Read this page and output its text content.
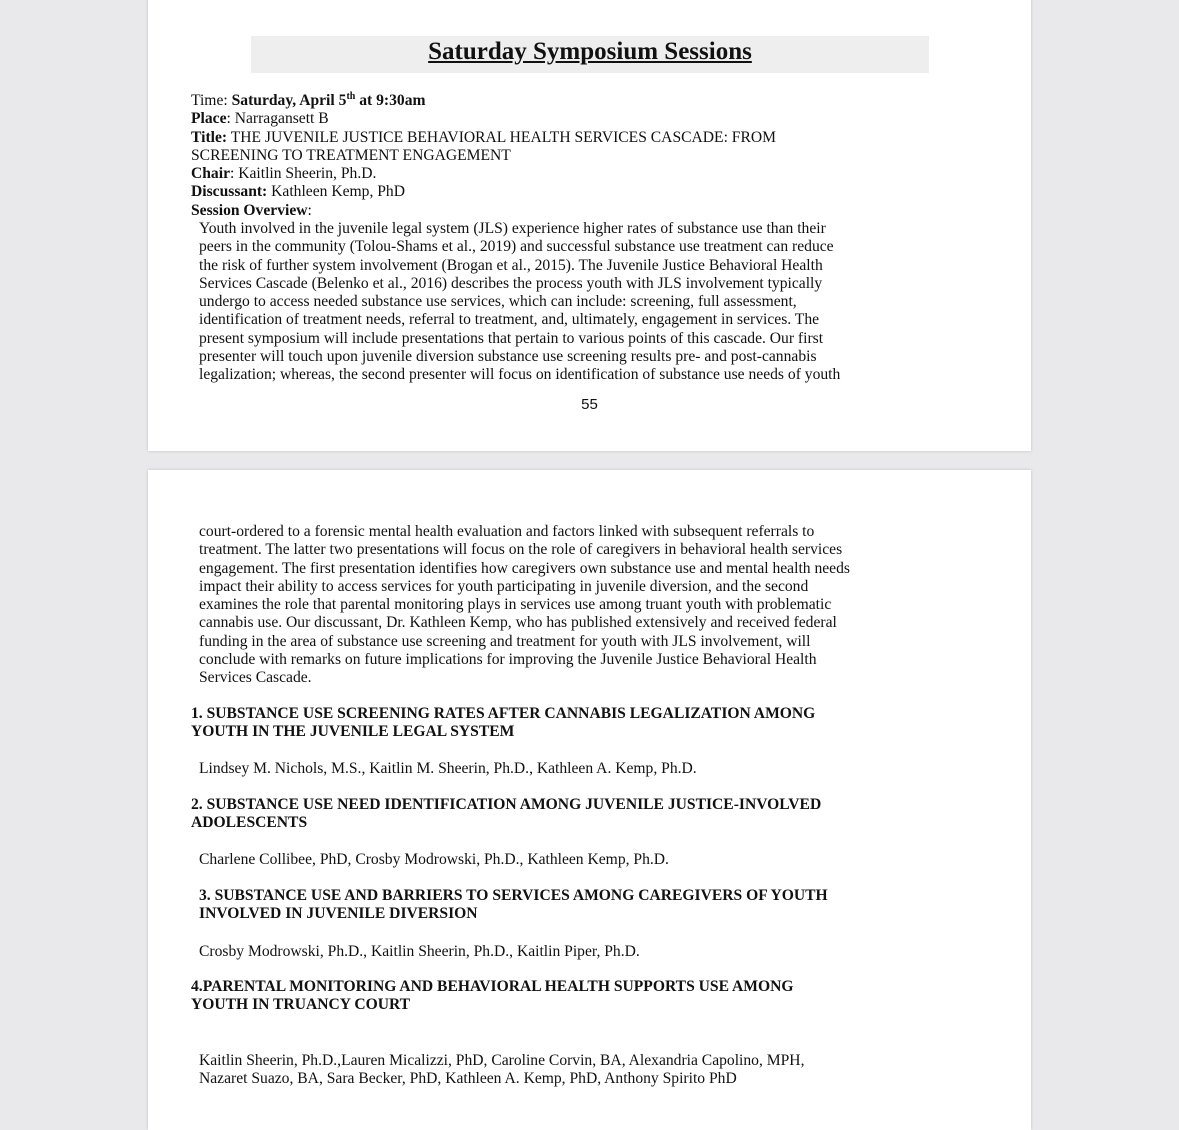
Saturday Symposium Sessions
Time: Saturday, April 5th at 9:30am
Place: Narragansett B
Title: THE JUVENILE JUSTICE BEHAVIORAL HEALTH SERVICES CASCADE: FROM
SCREENING TO TREATMENT ENGAGEMENT
Chair: Kaitlin Sheerin, Ph.D.
Discussant: Kathleen Kemp, PhD
Session Overview:
Youth involved in the juvenile legal system (JLS) experience higher rates of substance use than their
peers in the community (Tolou-Shams et al., 2019) and successful substance use treatment can reduce
the risk of further system involvement (Brogan et al., 2015). The Juvenile Justice Behavioral Health
Services Cascade (Belenko et al., 2016) describes the process youth with JLS involvement typically
undergo to access needed substance use services, which can include: screening, full assessment,
identification of treatment needs, referral to treatment, and, ultimately, engagement in services. The
present symposium will include presentations that pertain to various points of this cascade. Our first
presenter will touch upon juvenile diversion substance use screening results pre- and post-cannabis
legalization; whereas, the second presenter will focus on identification of substance use needs of youth
55
court-ordered to a forensic mental health evaluation and factors linked with subsequent referrals to
treatment. The latter two presentations will focus on the role of caregivers in behavioral health services
engagement. The first presentation identifies how caregivers own substance use and mental health needs
impact their ability to access services for youth participating in juvenile diversion, and the second
examines the role that parental monitoring plays in services use among truant youth with problematic
cannabis use. Our discussant, Dr. Kathleen Kemp, who has published extensively and received federal
funding in the area of substance use screening and treatment for youth with JLS involvement, will
conclude with remarks on future implications for improving the Juvenile Justice Behavioral Health
Services Cascade.
1. SUBSTANCE USE SCREENING RATES AFTER CANNABIS LEGALIZATION AMONG
YOUTH IN THE JUVENILE LEGAL SYSTEM
Lindsey M. Nichols, M.S., Kaitlin M. Sheerin, Ph.D., Kathleen A. Kemp, Ph.D.
2. SUBSTANCE USE NEED IDENTIFICATION AMONG JUVENILE JUSTICE-INVOLVED
ADOLESCENTS
Charlene Collibee, PhD, Crosby Modrowski, Ph.D., Kathleen Kemp, Ph.D.
3. SUBSTANCE USE AND BARRIERS TO SERVICES AMONG CAREGIVERS OF YOUTH
INVOLVED IN JUVENILE DIVERSION
Crosby Modrowski, Ph.D., Kaitlin Sheerin, Ph.D., Kaitlin Piper, Ph.D.
4.PARENTAL MONITORING AND BEHAVIORAL HEALTH SUPPORTS USE AMONG
YOUTH IN TRUANCY COURT
Kaitlin Sheerin, Ph.D.,Lauren Micalizzi, PhD, Caroline Corvin, BA, Alexandria Capolino, MPH,
Nazaret Suazo, BA, Sara Becker, PhD, Kathleen A. Kemp, PhD, Anthony Spirito PhD
